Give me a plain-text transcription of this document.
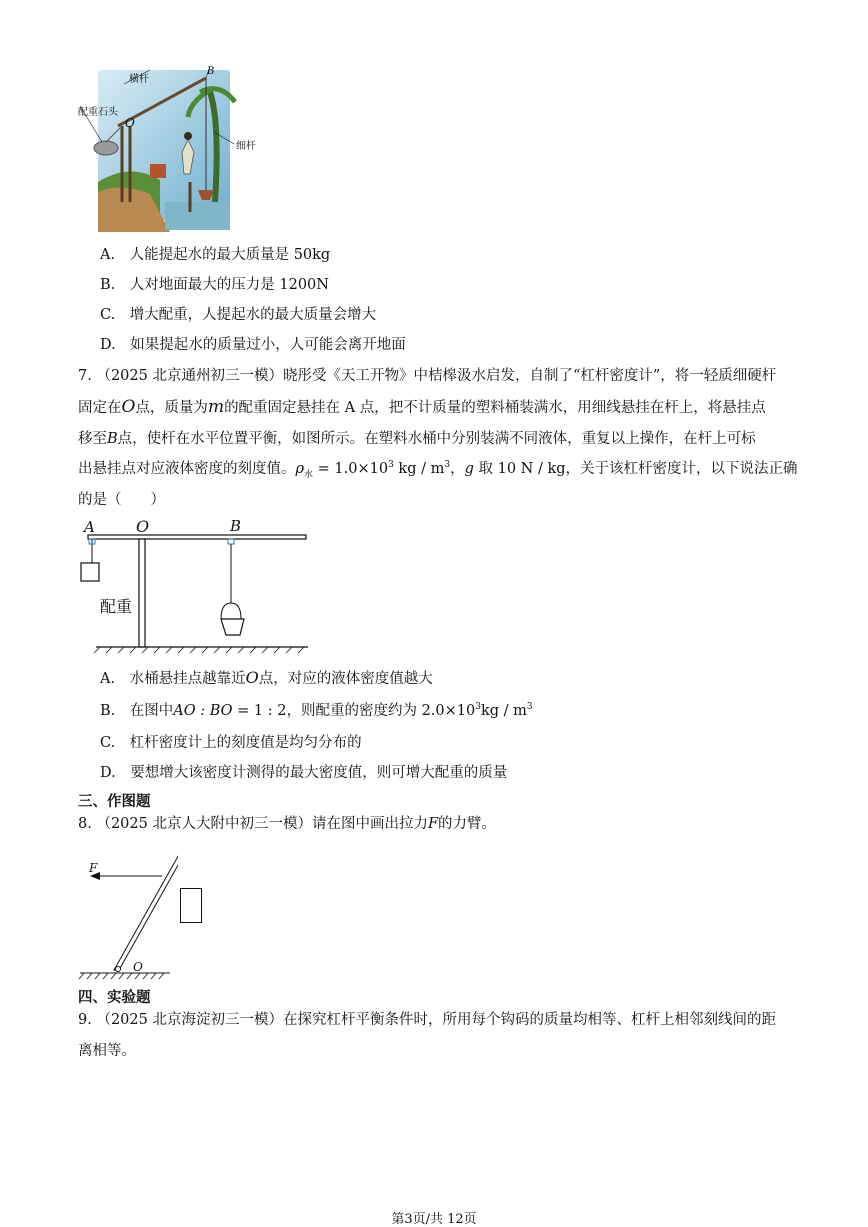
横杆
B
配重石头
O
细杆
A.　人能提起水的最大质量是 50kg
B.　人对地面最大的压力是 1200N
C.　增大配重，人提起水的最大质量会增大
D.　如果提起水的质量过小，人可能会离开地面
7. （2025 北京通州初三一模）晓彤受《天工开物》中桔槔汲水启发，自制了“杠杆密度计”，将一轻质细硬杆
固定在O点，质量为m的配重固定悬挂在 A 点，把不计质量的塑料桶装满水，用细线悬挂在杆上，将悬挂点
移至B点，使杆在水平位置平衡，如图所示。在塑料水桶中分别装满不同液体，重复以上操作，在杆上可标
出悬挂点对应液体密度的刻度值。$\rho_水 = 1.0\times 10^3$ kg / $m^3$，g 取 10 N / kg，关于该杠杆密度计，以下说法正确
的是（　　）
A	O	B
配重
A.　水桶悬挂点越靠近O点，对应的液体密度值越大
B.　在图中AO : BO = 1 : 2，则配重的密度约为 $2.0\times 10^3kg / m^3$
C.　杠杆密度计上的刻度值是均匀分布的
D.　要想增大该密度计测得的最大密度值，则可增大配重的质量
三、作图题
8. （2025 北京人大附中初三一模）请在图中画出拉力F的力臂。
F
O
四、实验题
9. （2025 北京海淀初三一模）在探究杠杆平衡条件时，所用每个钩码的质量均相等、杠杆上相邻刻线间的距
离相等。
第3页/共 12页
